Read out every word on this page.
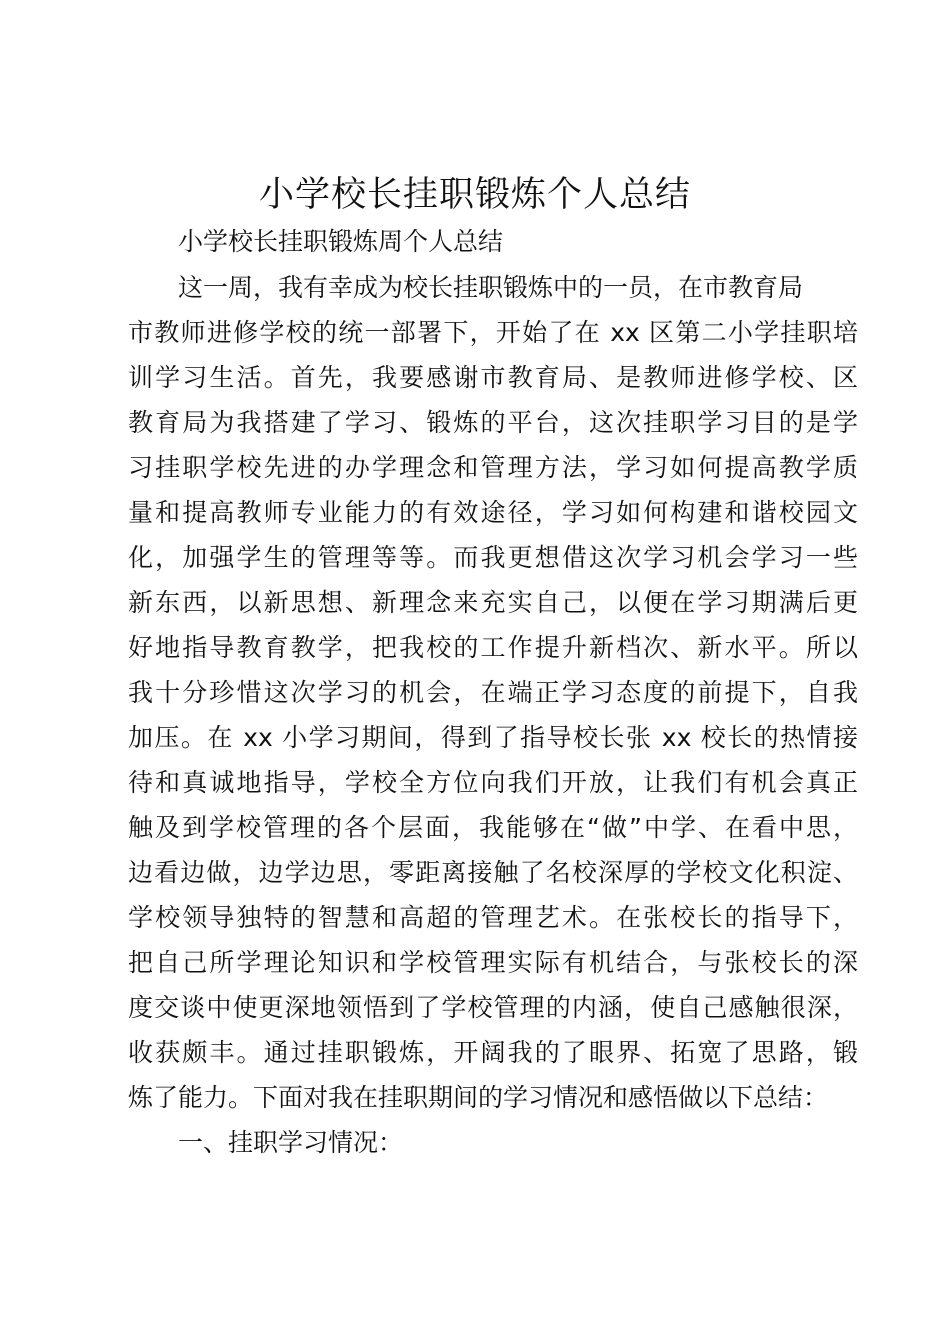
小学校长挂职锻炼个人总结
小学校长挂职锻炼周个人总结
这一周，我有幸成为校长挂职锻炼中的一员，在市教育局
市教师进修学校的统一部署下，开始了在 xx 区第二小学挂职培
训学习生活。首先，我要感谢市教育局、是教师进修学校、区
教育局为我搭建了学习、锻炼的平台，这次挂职学习目的是学
习挂职学校先进的办学理念和管理方法，学习如何提高教学质
量和提高教师专业能力的有效途径，学习如何构建和谐校园文
化，加强学生的管理等等。而我更想借这次学习机会学习一些
新东西，以新思想、新理念来充实自己，以便在学习期满后更
好地指导教育教学，把我校的工作提升新档次、新水平。所以
我十分珍惜这次学习的机会，在端正学习态度的前提下，自我
加压。在 xx 小学习期间，得到了指导校长张 xx 校长的热情接
待和真诚地指导，学校全方位向我们开放，让我们有机会真正
触及到学校管理的各个层面，我能够在“做”中学、在看中思，
边看边做，边学边思，零距离接触了名校深厚的学校文化积淀、
学校领导独特的智慧和高超的管理艺术。在张校长的指导下，
把自己所学理论知识和学校管理实际有机结合，与张校长的深
度交谈中使更深地领悟到了学校管理的内涵，使自己感触很深，
收获颇丰。通过挂职锻炼，开阔我的了眼界、拓宽了思路，锻
炼了能力。下面对我在挂职期间的学习情况和感悟做以下总结：
一、挂职学习情况：
